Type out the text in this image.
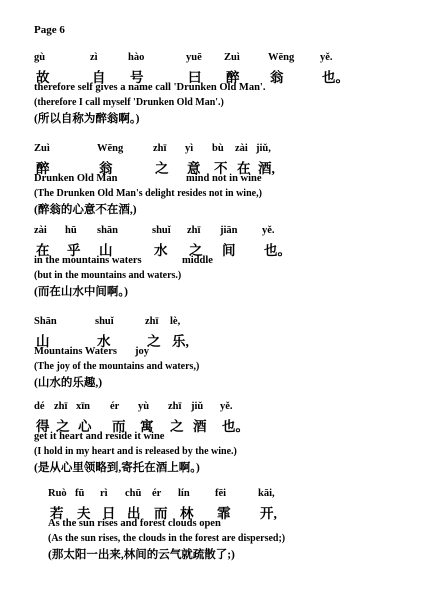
Page 6
gù	zì	hào	yuē Zuì	Wēng yě.
故	自 号	曰 醉 翁	也。
therefore self gives a name call 'Drunken Old Man'.
(therefore I call myself 'Drunken Old Man'.)
(所以自称为醉翁啊。)
Zuì	Wēng	zhī yì bù zài jiǔ,
醉	翁	之 意 不 在 酒,
Drunken Old Man	mind not in wine
(The Drunken Old Man's delight resides not in wine,)
(醉翁的心意不在酒,)
zài hū shān	shuǐ zhī jiān yě.
在 乎 山	水 之 间 也。
in the mountains waters	middle
(but in the mountains and waters.)
(而在山水中间啊。)
Shān	shuǐ	zhī lè,
山	水	之 乐,
Mountains Waters joy
(The joy of the mountains and waters,)
(山水的乐趣,)
dé zhī xīn ér yù zhī jiǔ yě.
得 之 心 而 寓 之 酒 也。
get it heart and reside it wine
(I hold in my heart and is released by the wine.)
(是从心里领略到,寄托在酒上啊。)
Ruò fū rì chū ér lín fēi	kāi,
若 夫 日 出 而 林 霏 开,
As the sun rises and forest clouds open
(As the sun rises, the clouds in the forest are dispersed;)
(那太阳一出来,林间的云气就疏散了;)
